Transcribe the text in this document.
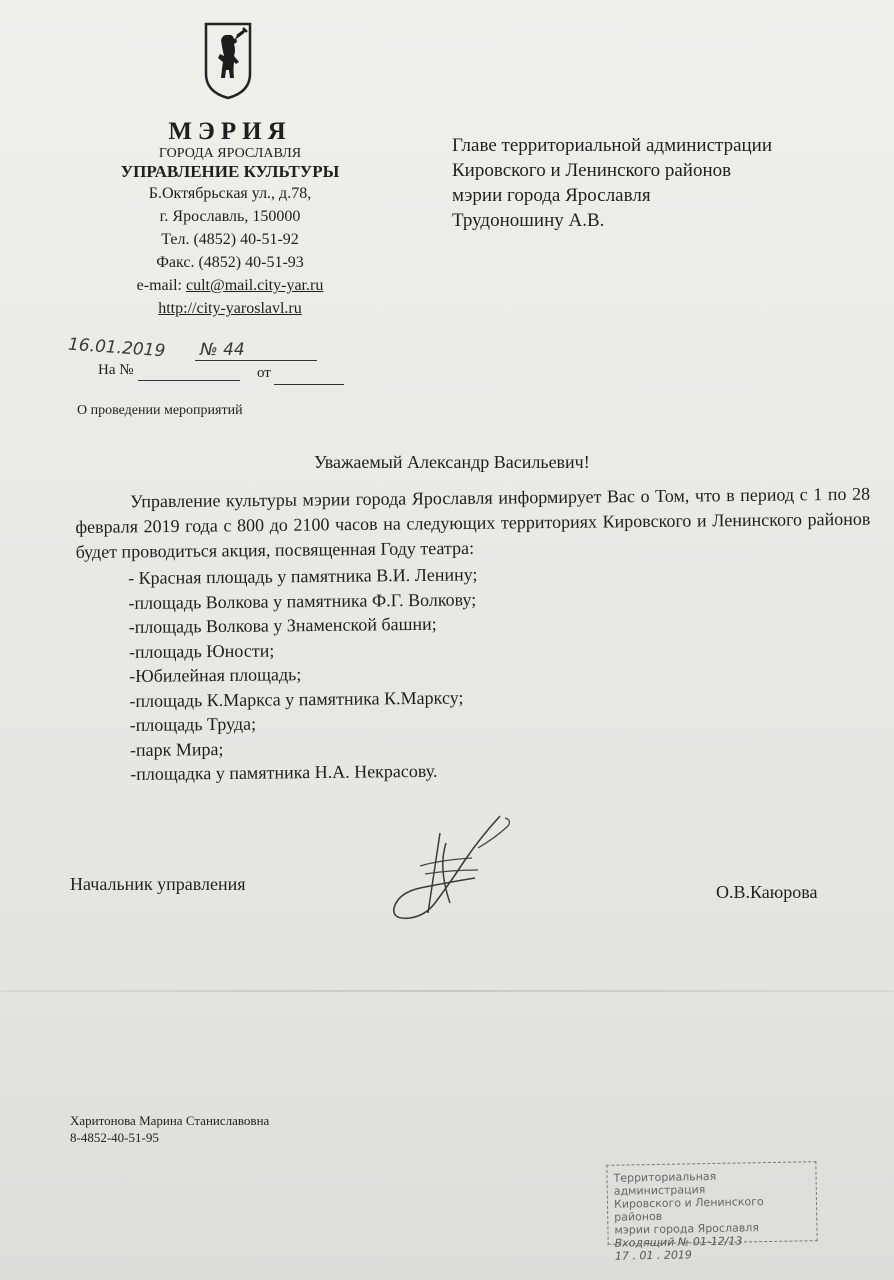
МЭРИЯ
ГОРОДА ЯРОСЛАВЛЯ
УПРАВЛЕНИЕ КУЛЬТУРЫ
Б.Октябрьская ул., д.78,
г. Ярославль, 150000
Тел. (4852) 40-51-92
Факс. (4852) 40-51-93
e-mail: cult@mail.city-yar.ru
http://city-yaroslavl.ru
16.01.2019 № 44
На №	от
О проведении мероприятий
Главе территориальной администрации
Кировского и Ленинского районов
мэрии города Ярославля
Трудоношину А.В.
Уважаемый Александр Васильевич!
Управление культуры мэрии города Ярославля информирует Вас о Том, что в период с 1 по 28 февраля 2019 года с 800 до 2100 часов на следующих территориях Кировского и Ленинского районов будет проводиться акция, посвященная Году театра:
- Красная площадь у памятника В.И. Ленину;
-площадь Волкова у памятника Ф.Г. Волкову;
-площадь Волкова у Знаменской башни;
-площадь Юности;
-Юбилейная площадь;
-площадь К.Маркса у памятника К.Марксу;
-площадь Труда;
-парк Мира;
-площадка у памятника Н.А. Некрасову.
Начальник управления	О.В.Каюрова
Харитонова Марина Станиславовна
8-4852-40-51-95
Территориальная администрация
Кировского и Ленинского районов
мэрии города Ярославля
Входящий № 01-12/13
17 . 01 . 2019
